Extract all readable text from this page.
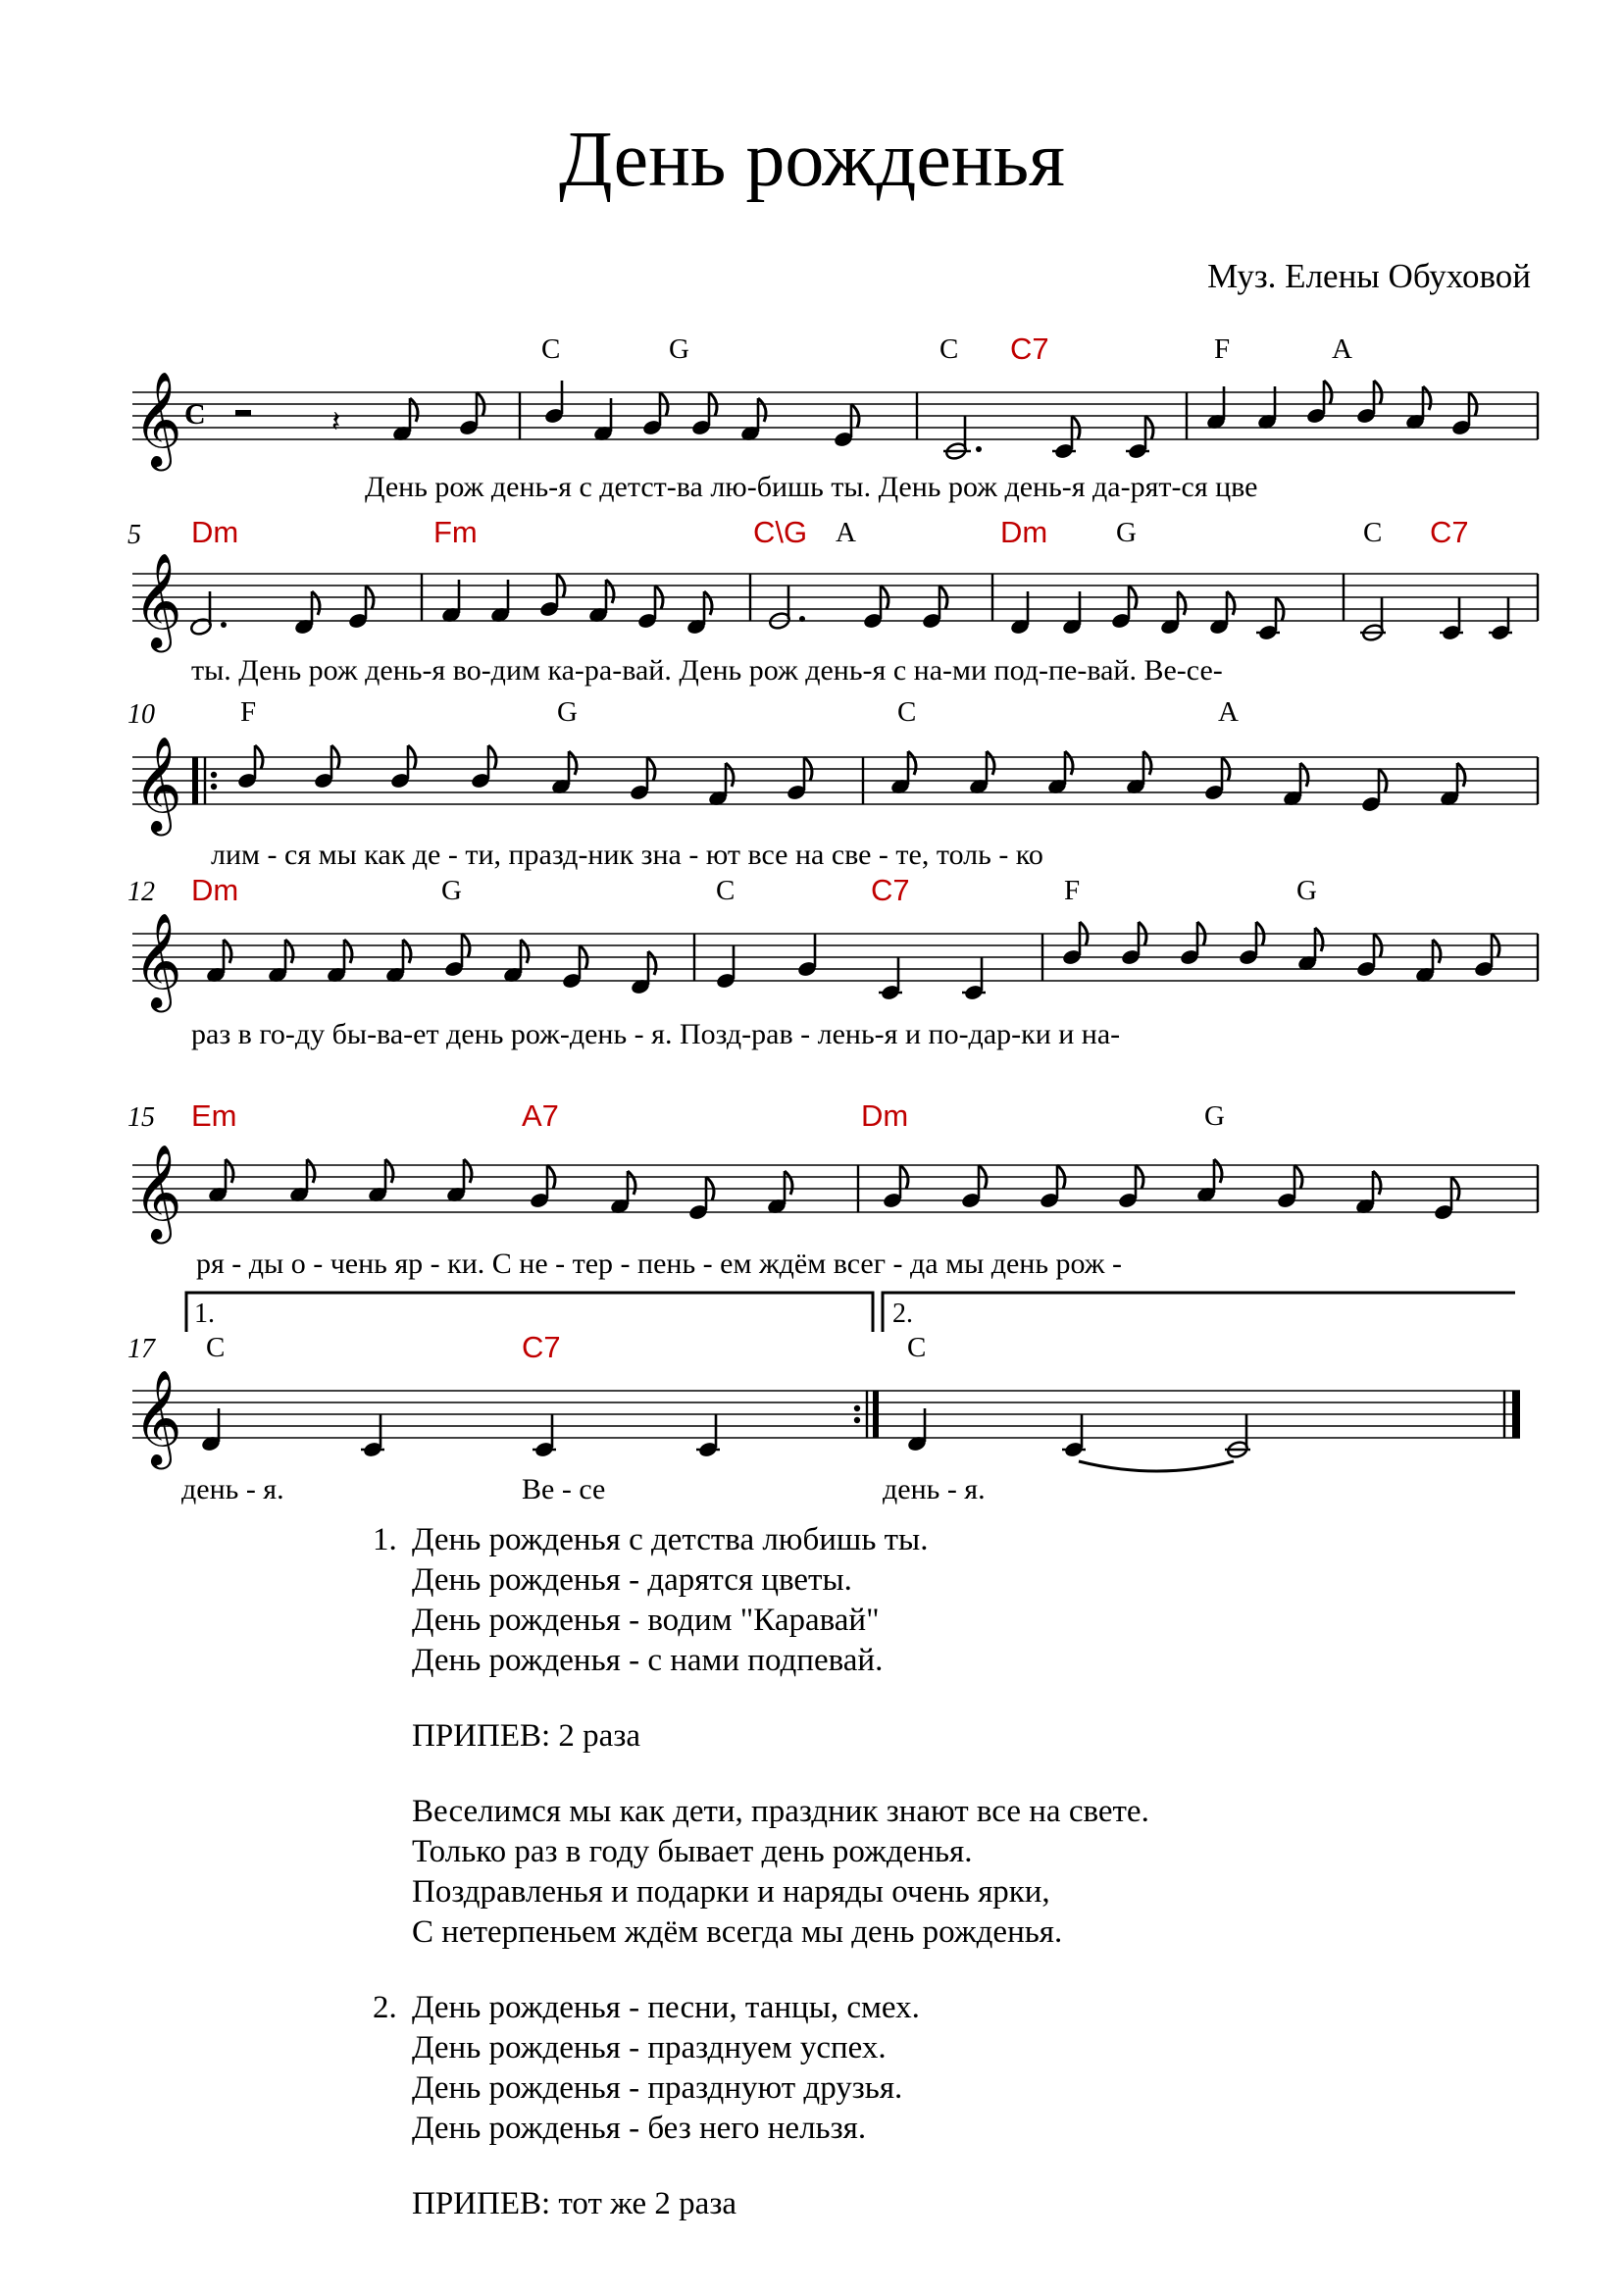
День рожденья
Муз. Елены Обуховой
C	G	C C7	F	A
𝄞 C	𝄽
День рож день-я с детст-ва лю-бишь ты. День рож день-я да-рят-ся цве
5 Dm	Fm	C\G A	Dm G	C C7
𝄞
ты. День рож день-я во-дим ка-ра-вай. День рож день-я с на-ми под-пе-вай. Ве-се-
10	F	G	C	A
𝄞
лим - ся мы как де - ти, празд-ник зна - ют все на све - те, толь - ко
12 Dm	G	C	C7	F	G
𝄞
раз в го-ду бы-ва-ет день рож-день - я. Позд-рав - лень-я и по-дар-ки и на-
15 Em	A7	Dm	G
𝄞
ря - ды о - чень яр - ки. С не - тер - пень - ем ждём всег - да мы день рож -
1.	2.
17 C	C7	C
𝄞
день - я.	Ве - се	день - я.
1. День рожденья с детства любишь ты.
День рожденья - дарятся цветы.
День рожденья - водим "Каравай"
День рожденья - с нами подпевай.
ПРИПЕВ: 2 раза
Веселимся мы как дети, праздник знают все на свете.
Только раз в году бывает день рожденья.
Поздравленья и подарки и наряды очень ярки,
С нетерпеньем ждём всегда мы день рожденья.
2. День рожденья - песни, танцы, смех.
День рожденья - празднуем успех.
День рожденья - празднуют друзья.
День рожденья - без него нельзя.
ПРИПЕВ: тот же 2 раза
